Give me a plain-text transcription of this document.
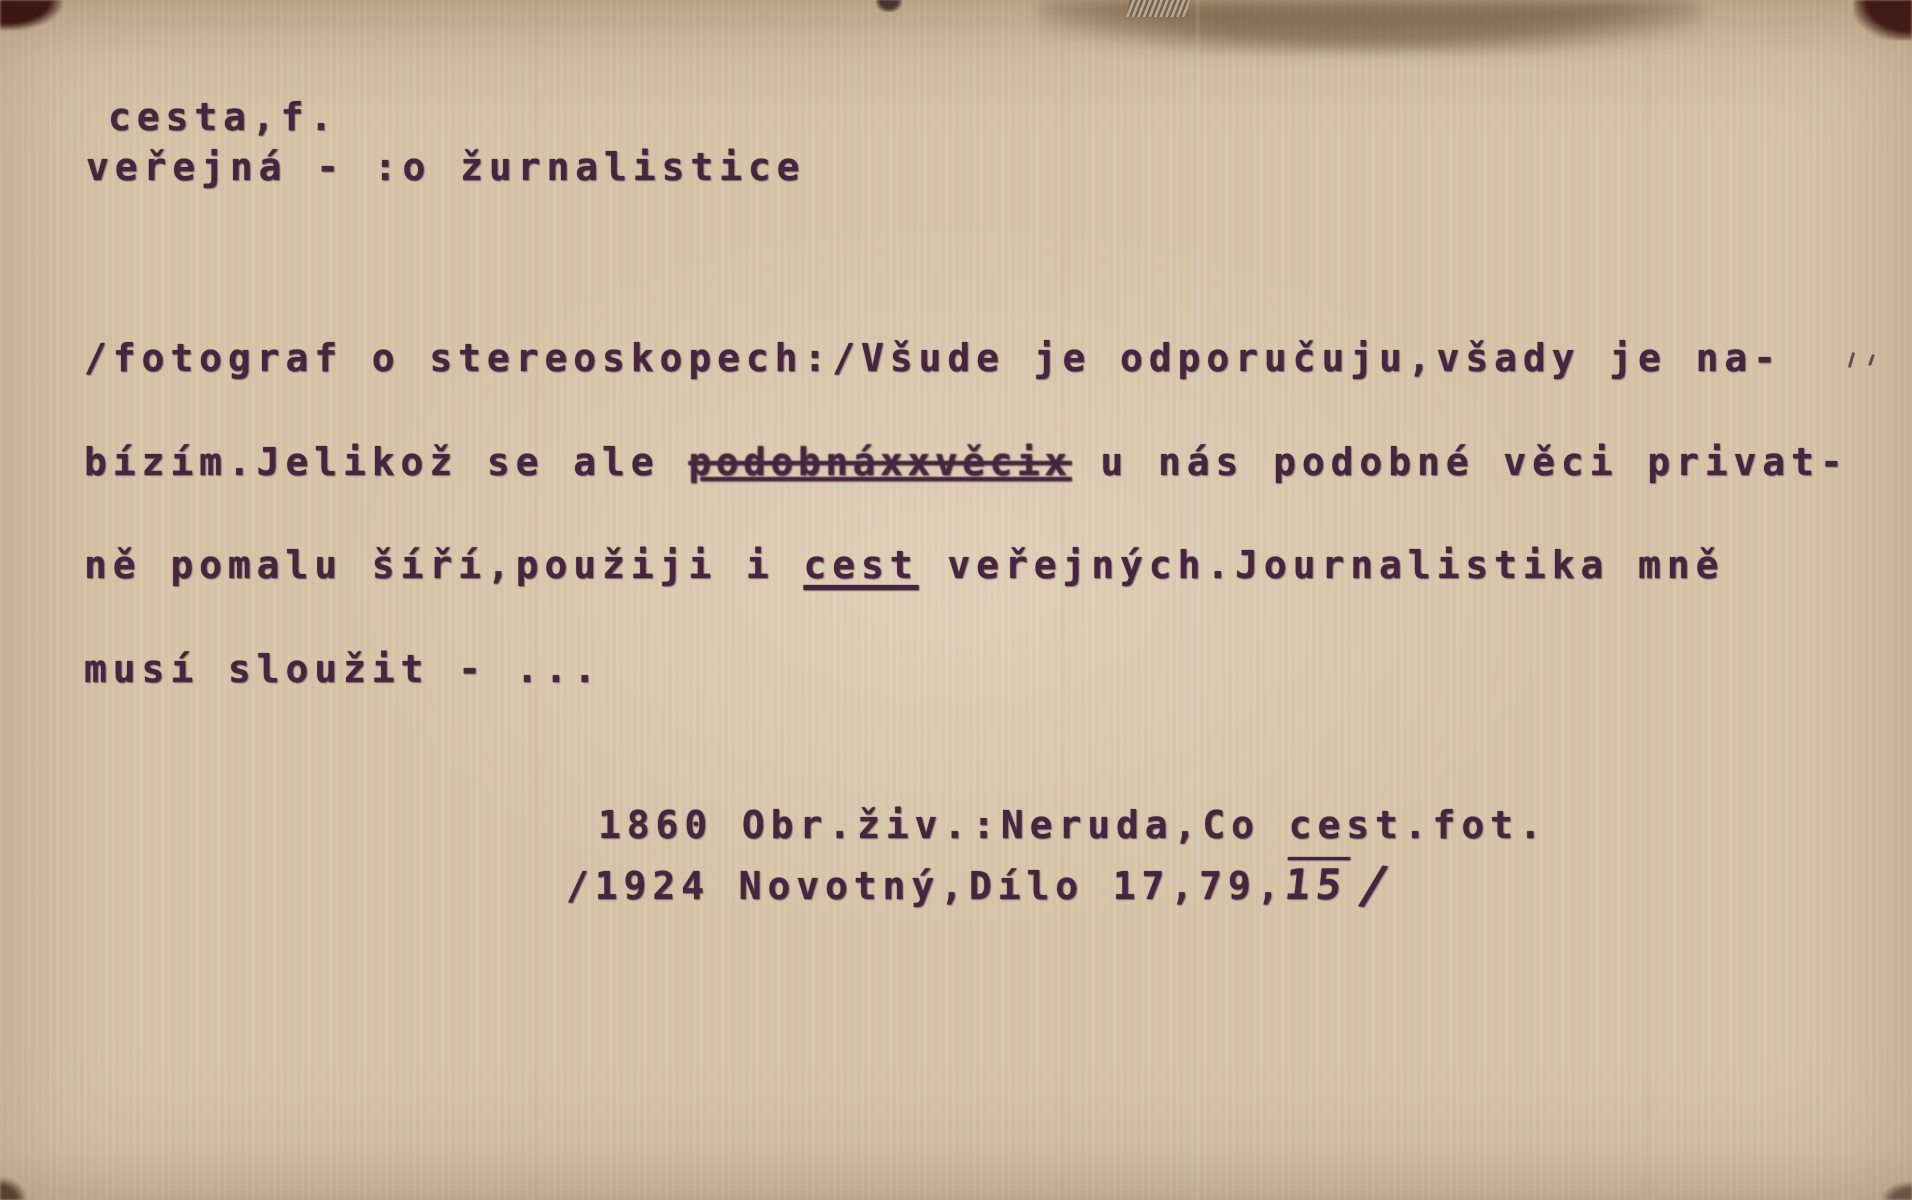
cesta,f.
veřejná - :o žurnalistice
/fotograf o stereoskopech:/Všude je odporučuju,všady je na-
bízím.Jelikož se ale podobnáxxvěcix u nás podobné věci privat-
ně pomalu šíří,použiji i cest veřejných.Journalistika mně
musí sloužit - ...
1860 Obr.živ.:Neruda,Co cest.fot.
/1924 Novotný,Dílo 17,79,15/
